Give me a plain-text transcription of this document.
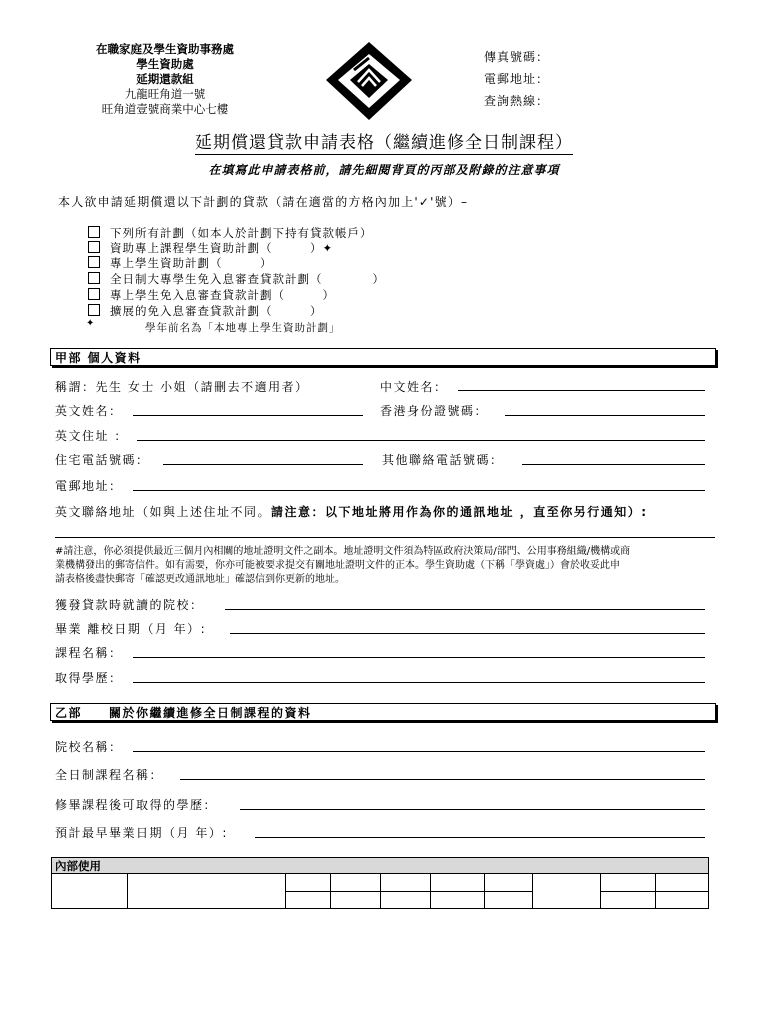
在職家庭及學生資助事務處
學生資助處
延期還款組
九龍旺角道一號
旺角道壹號商業中心七樓
傳真號碼：
電郵地址：
查詢熱線：
延期償還貸款申請表格（繼續進修全日制課程）
在填寫此申請表格前，請先細閱背頁的丙部及附錄的注意事項
本人欲申請延期償還以下計劃的貸款（請在適當的方格內加上'✓'號）–
下列所有計劃（如本人於計劃下持有貸款帳戶）
資助專上課程學生資助計劃（　　　）✦
專上學生資助計劃（　　　）
全日制大專學生免入息審查貸款計劃（　　　　）
專上學生免入息審查貸款計劃（　　　）
擴展的免入息審查貸款計劃（　　　）
✦	學年前名為「本地專上學生資助計劃」
甲部 個人資料
稱謂：先生 女士 小姐（請刪去不適用者）	中文姓名：
英文姓名：	香港身份證號碼：
英文住址 ：
住宅電話號碼：	其他聯絡電話號碼：
電郵地址：
英文聯絡地址（如與上述住址不同。請注意：以下地址將用作為你的通訊地址 ，直至你另行通知）:
#請注意，你必須提供最近三個月內相關的地址證明文件之副本。地址證明文件須為特區政府決策局/部門、公用事務組織/機構或商
業機構發出的郵寄信件。如有需要，你亦可能被要求提交有關地址證明文件的正本。學生資助處（下稱「學資處」）會於收妥此申
請表格後盡快郵寄「確認更改通訊地址」確認信到你更新的地址。
獲發貸款時就讀的院校：
畢業 離校日期（月 年）:
課程名稱：
取得學歷：
乙部　　關於你繼續進修全日制課程的資料
院校名稱：
全日制課程名稱：
修畢課程後可取得的學歷：
預計最早畢業日期（月 年）:
內部使用
